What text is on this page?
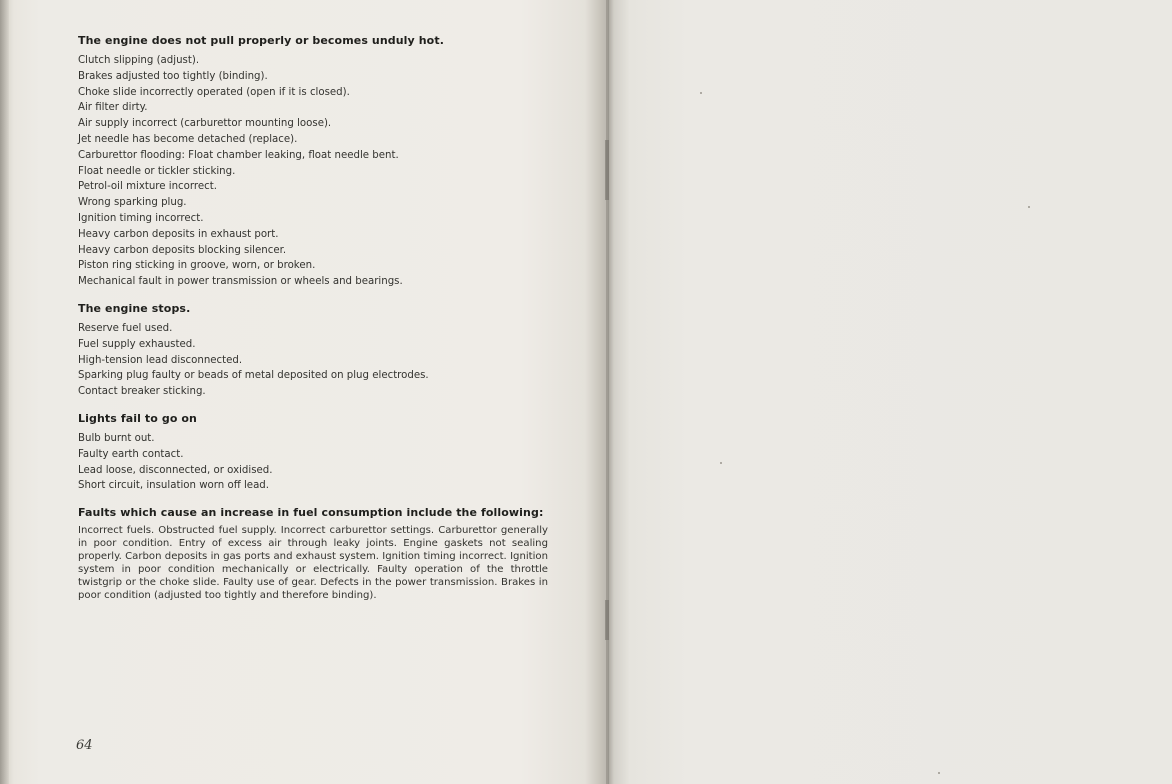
The engine does not pull properly or becomes unduly hot.
Clutch slipping (adjust).
Brakes adjusted too tightly (binding).
Choke slide incorrectly operated (open if it is closed).
Air filter dirty.
Air supply incorrect (carburettor mounting loose).
Jet needle has become detached (replace).
Carburettor flooding: Float chamber leaking, float needle bent.
Float needle or tickler sticking.
Petrol-oil mixture incorrect.
Wrong sparking plug.
Ignition timing incorrect.
Heavy carbon deposits in exhaust port.
Heavy carbon deposits blocking silencer.
Piston ring sticking in groove, worn, or broken.
Mechanical fault in power transmission or wheels and bearings.
The engine stops.
Reserve fuel used.
Fuel supply exhausted.
High-tension lead disconnected.
Sparking plug faulty or beads of metal deposited on plug electrodes.
Contact breaker sticking.
Lights fail to go on
Bulb burnt out.
Faulty earth contact.
Lead loose, disconnected, or oxidised.
Short circuit, insulation worn off lead.
Faults which cause an increase in fuel consumption include the following:
Incorrect fuels. Obstructed fuel supply. Incorrect carburettor settings. Carburettor generally in poor condition. Entry of excess air through leaky joints. Engine gaskets not sealing properly. Carbon deposits in gas ports and exhaust system. Ignition timing incorrect. Ignition system in poor condition mechanically or electrically. Faulty operation of the throttle twistgrip or the choke slide. Faulty use of gear. Defects in the power transmission. Brakes in poor condition (adjusted too tightly and therefore binding).
64
